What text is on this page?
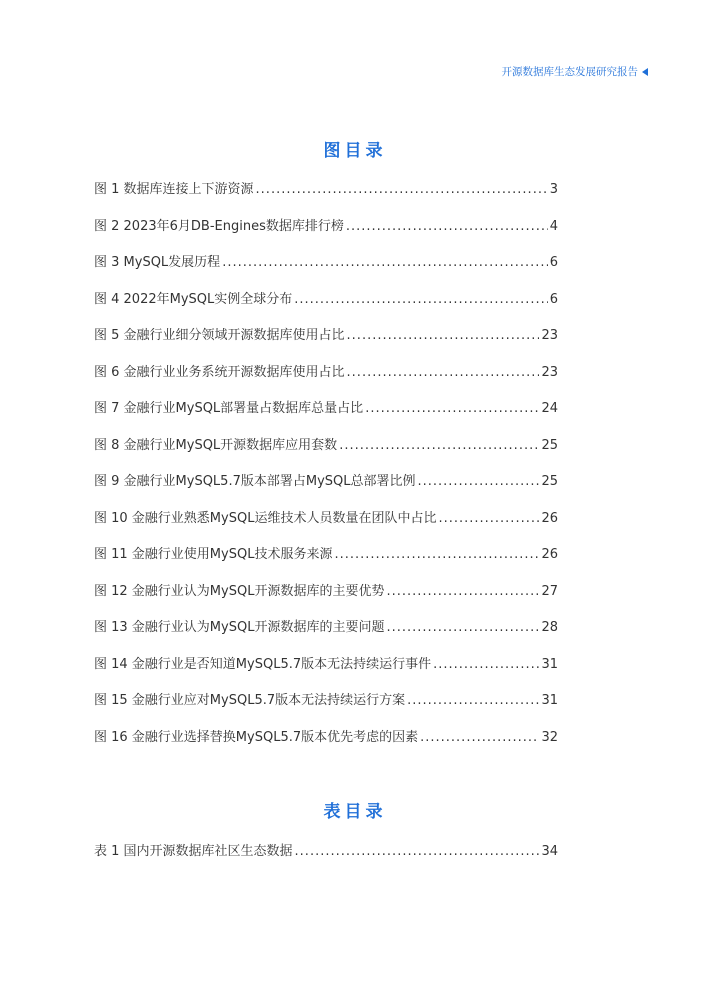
开源数据库生态发展研究报告
图目录
图 1 数据库连接上下游资源 .....	3
图 2 2023年6月DB-Engines数据库排行榜 .....	4
图 3 MySQL发展历程 .....	6
图 4 2022年MySQL实例全球分布 .....	6
图 5 金融行业细分领域开源数据库使用占比 .....	23
图 6 金融行业业务系统开源数据库使用占比 .....	23
图 7 金融行业MySQL部署量占数据库总量占比 .....	24
图 8 金融行业MySQL开源数据库应用套数 .....	25
图 9 金融行业MySQL5.7版本部署占MySQL总部署比例 .....	25
图 10 金融行业熟悉MySQL运维技术人员数量在团队中占比 .....	26
图 11 金融行业使用MySQL技术服务来源 .....	26
图 12 金融行业认为MySQL开源数据库的主要优势 .....	27
图 13 金融行业认为MySQL开源数据库的主要问题 .....	28
图 14 金融行业是否知道MySQL5.7版本无法持续运行事件 .....	31
图 15 金融行业应对MySQL5.7版本无法持续运行方案 .....	31
图 16 金融行业选择替换MySQL5.7版本优先考虑的因素 .....	32
表目录
表 1 国内开源数据库社区生态数据 .....	34
